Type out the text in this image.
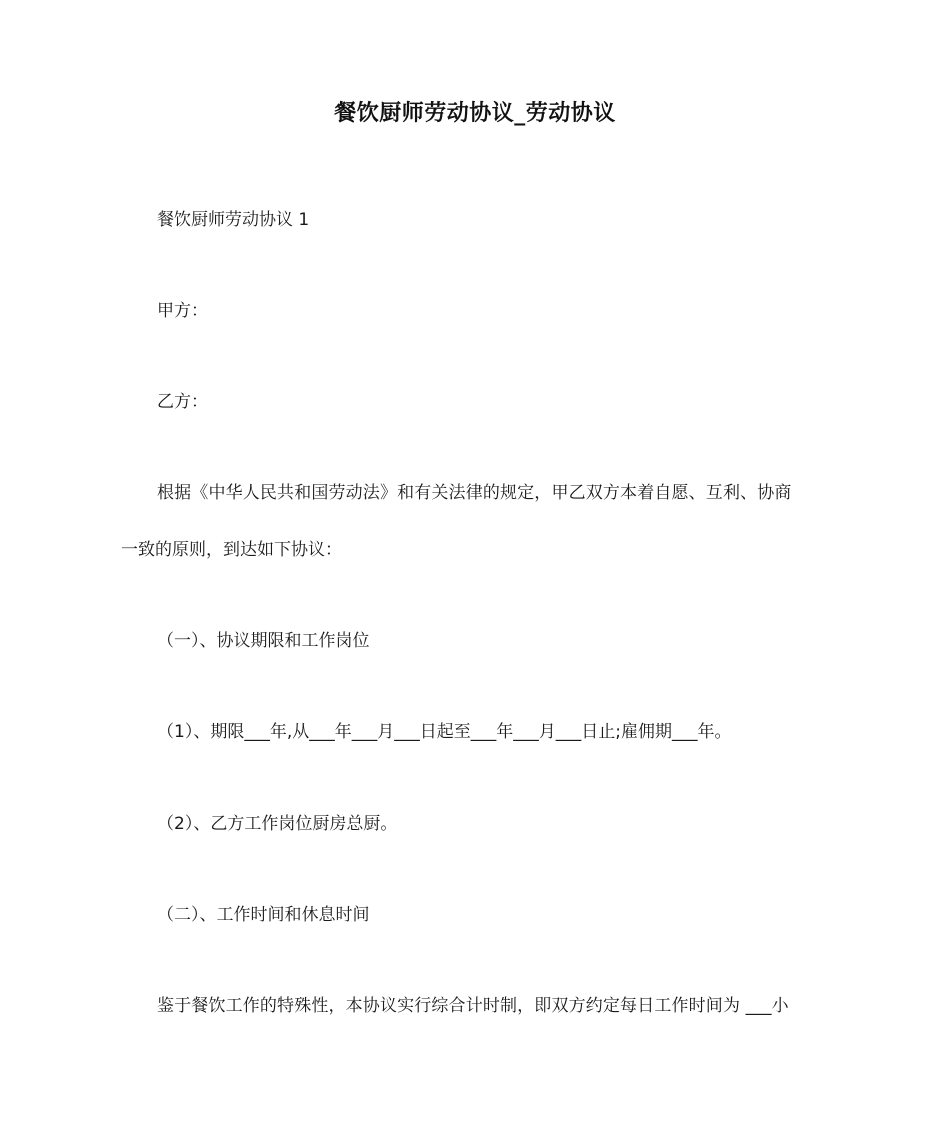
餐饮厨师劳动协议_劳动协议
餐饮厨师劳动协议 1
甲方：
乙方：
根据《中华人民共和国劳动法》和有关法律的规定，甲乙双方本着自愿、互利、协商
一致的原则，到达如下协议：
（一）、协议期限和工作岗位
（1）、期限___年,从___年___月___日起至___年___月___日止;雇佣期___年。
（2）、乙方工作岗位厨房总厨。
（二）、工作时间和休息时间
鉴于餐饮工作的特殊性，本协议实行综合计时制，即双方约定每日工作时间为 ___小
